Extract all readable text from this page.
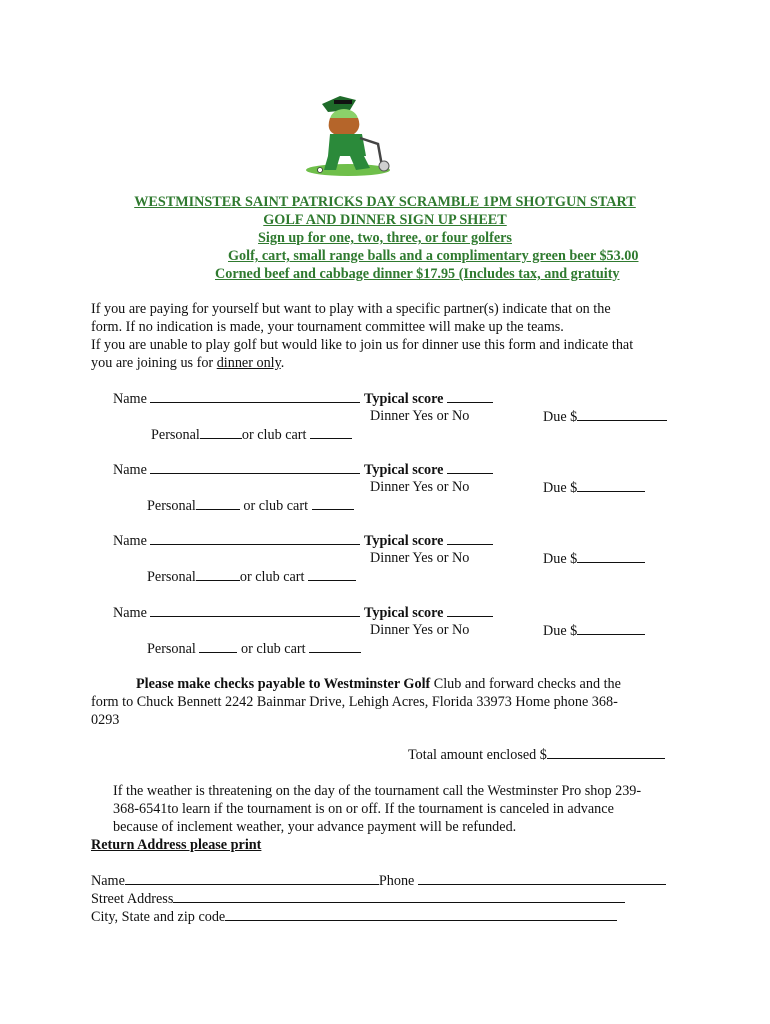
WESTMINSTER SAINT PATRICKS DAY SCRAMBLE 1PM SHOTGUN START
GOLF AND DINNER SIGN UP SHEET
Sign up for one, two, three, or four golfers
Golf, cart, small range balls and a complimentary green beer $53.00
Corned beef and cabbage dinner $17.95 (Includes tax, and gratuity
If you are paying for yourself but want to play with a specific partner(s) indicate that on the
form. If no indication is made, your tournament committee will make up the teams.
If you are unable to play golf but would like to join us for dinner use this form and indicate that
you are joining us for dinner only.
Name	Typical score
Dinner Yes or No	Due $
Personal	or club cart
Name	Typical score
Dinner Yes or No	Due $
Personal	or club cart
Name	Typical score
Dinner Yes or No	Due $
Personal	or club cart
Name	Typical score
Dinner Yes or No	Due $
Personal	or club cart
Please make checks payable to Westminster Golf Club and forward checks and the
form to Chuck Bennett 2242 Bainmar Drive, Lehigh Acres, Florida 33973 Home phone 368-
0293
Total amount enclosed $
If the weather is threatening on the day of the tournament call the Westminster Pro shop 239-
368-6541to learn if the tournament is on or off. If the tournament is canceled in advance
because of inclement weather, your advance payment will be refunded.
Return Address please print
Name	Phone
Street Address
City, State and zip code
